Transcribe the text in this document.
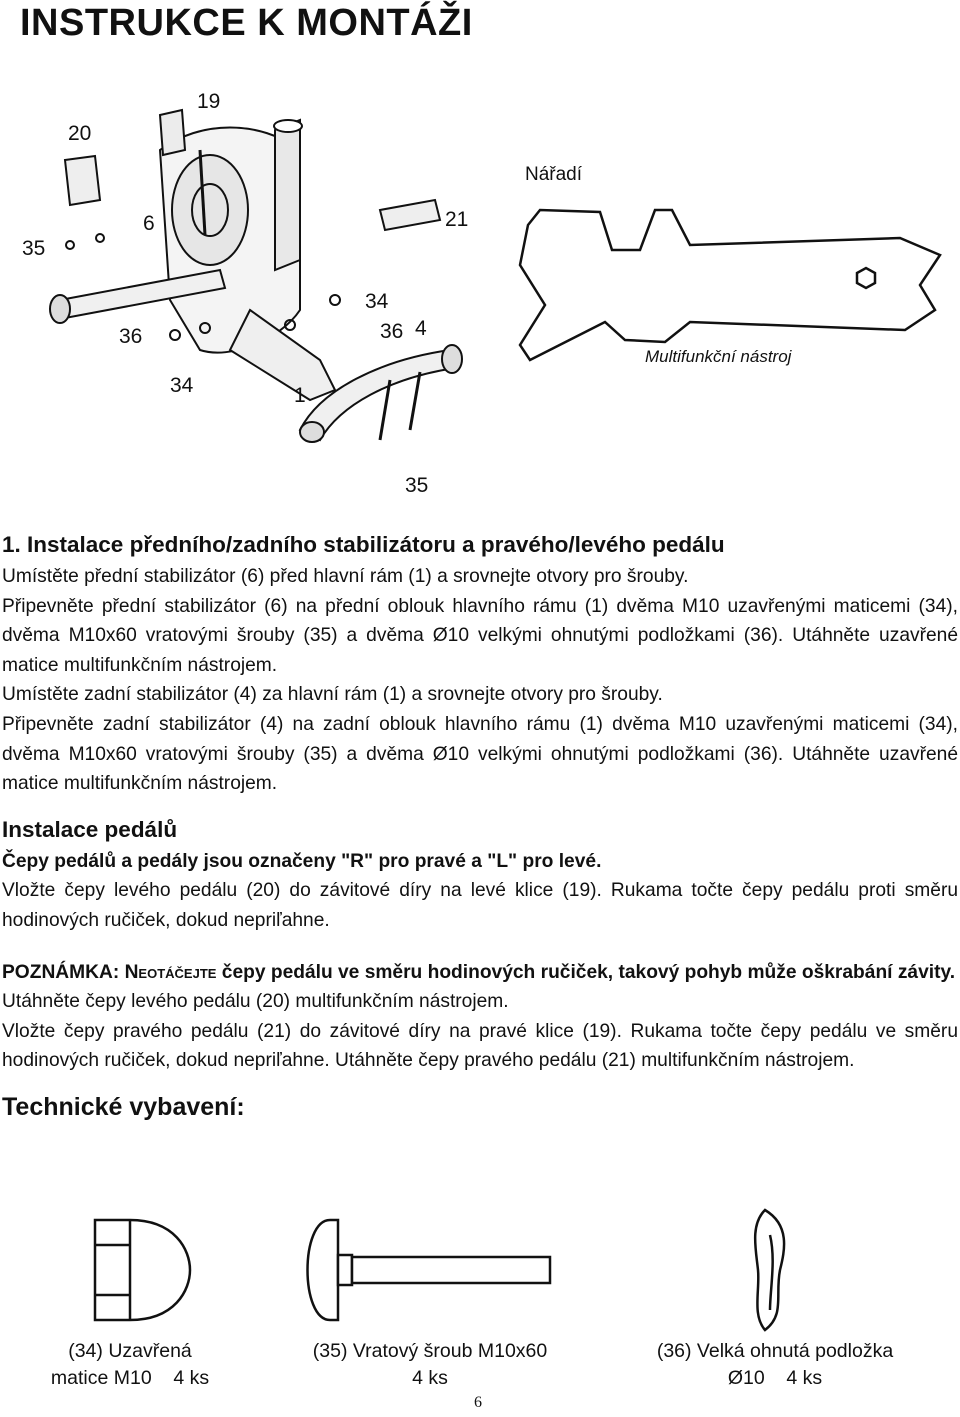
INSTRUKCE K MONTÁŽI
19
20
35
6	21
36
34
34
36 4
1
35
Nářadí
Multifunkční nástroj

1. Instalace předního/zadního stabilizátoru a pravého/levého pedálu

Umístěte přední stabilizátor (6) před hlavní rám (1) a srovnejte otvory pro šrouby.

Připevněte přední stabilizátor (6) na přední oblouk hlavního rámu (1) dvěma M10 uzavřenými maticemi (34), dvěma M10x60 vratovými šrouby (35) a dvěma Ø10 velkými ohnutými podložkami (36). Utáhněte uzavřené matice multifunkčním nástrojem.

Umístěte zadní stabilizátor (4) za hlavní rám (1) a srovnejte otvory pro šrouby.

Připevněte zadní stabilizátor (4) na zadní oblouk hlavního rámu (1) dvěma M10 uzavřenými maticemi (34), dvěma M10x60 vratovými šrouby (35) a dvěma Ø10 velkými ohnutými podložkami (36). Utáhněte uzavřené matice multifunkčním nástrojem.

Instalace pedálů

Čepy pedálů a pedály jsou označeny "R" pro pravé a "L" pro levé.

Vložte čepy levého pedálu (20) do závitové díry na levé klice (19). Rukama točte čepy pedálu proti směru hodinových ručiček, dokud nepriľahne.

POZNÁMKA: Neotáčejte čepy pedálu ve směru hodinových ručiček, takový pohyb může oškrabání závity.

Utáhněte čepy levého pedálu (20) multifunkčním nástrojem.

Vložte čepy pravého pedálu (21) do závitové díry na pravé klice (19). Rukama točte čepy pedálu ve směru hodinových ručiček, dokud nepriľahne. Utáhněte čepy pravého pedálu (21) multifunkčním nástrojem.

Technické vybavení:

(34) Uzavřená
matice M10    4 ks
(35) Vratový šroub M10x60
4 ks
(36) Velká ohnutá podložka
Ø10    4 ks
6
